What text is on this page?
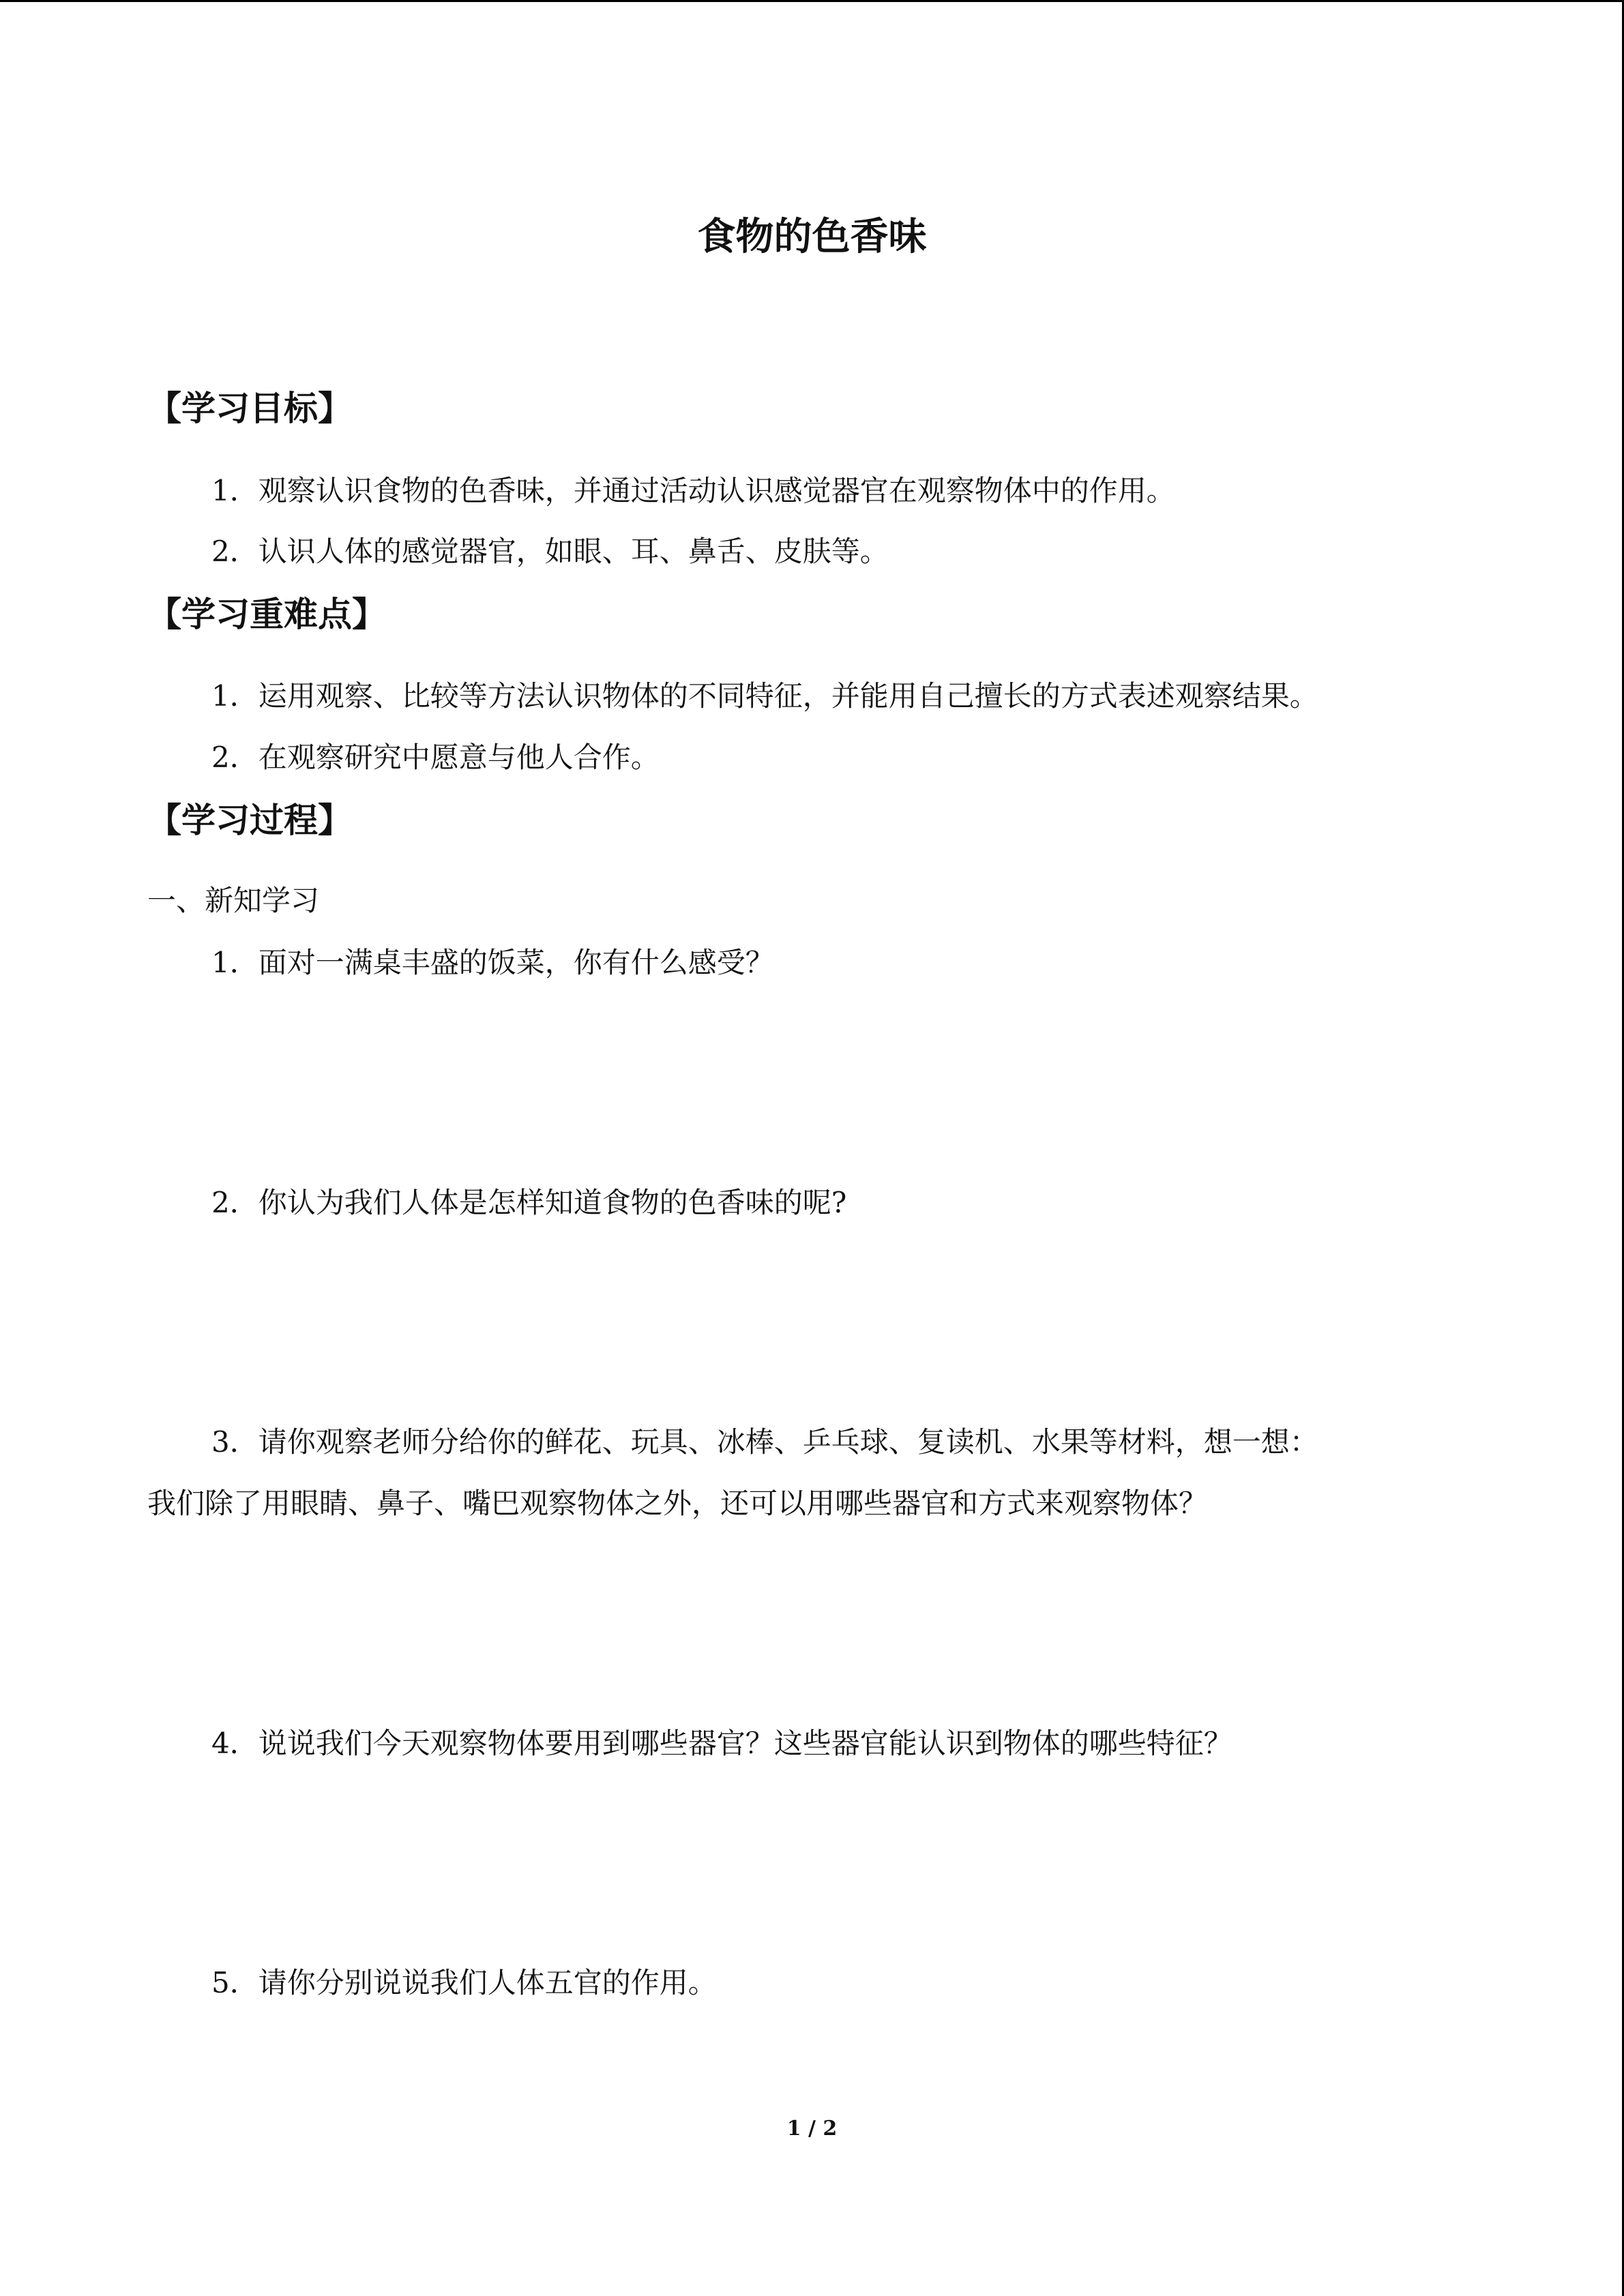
食物的色香味
【学习目标】
1．观察认识食物的色香味，并通过活动认识感觉器官在观察物体中的作用。
2．认识人体的感觉器官，如眼、耳、鼻舌、皮肤等。
【学习重难点】
1．运用观察、比较等方法认识物体的不同特征，并能用自己擅长的方式表述观察结果。
2．在观察研究中愿意与他人合作。
【学习过程】
一、新知学习
1．面对一满桌丰盛的饭菜，你有什么感受？
2．你认为我们人体是怎样知道食物的色香味的呢?
3．请你观察老师分给你的鲜花、玩具、冰棒、乒乓球、复读机、水果等材料，想一想：
我们除了用眼睛、鼻子、嘴巴观察物体之外，还可以用哪些器官和方式来观察物体？
4．说说我们今天观察物体要用到哪些器官？这些器官能认识到物体的哪些特征？
5．请你分别说说我们人体五官的作用。
1 / 2
